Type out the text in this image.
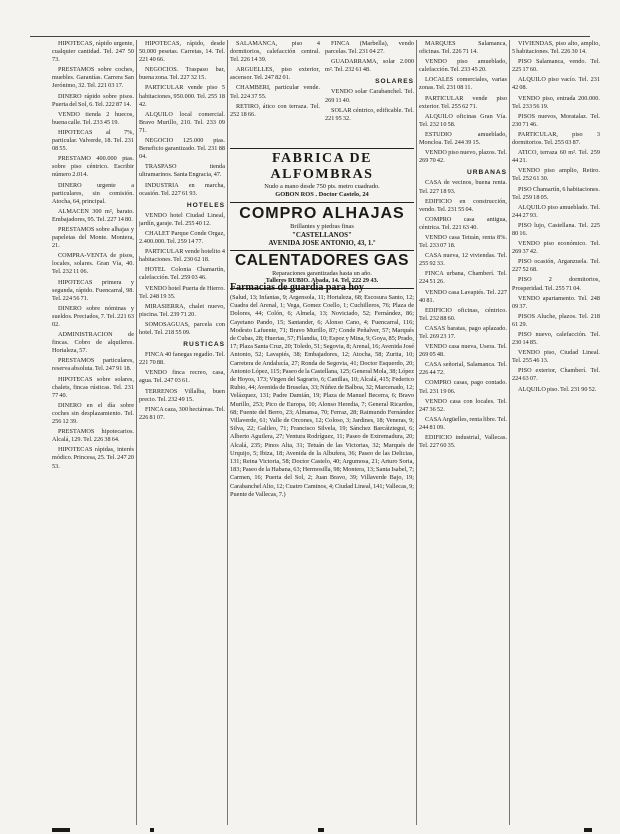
HIPOTECAS, rápido urgente, cualquier cantidad. Tel. 247 50 73.

PRESTAMOS sobre coches, muebles. Garantías. Carrera San Jerónimo, 32. Tel. 221 03 17.

DINERO rápido sobre pisos. Puerta del Sol, 6. Tel. 222 87 14.

VENDO tienda 2 huecos, buena calle. Tel. 233 45 19.

HIPOTECAS al 7%, particular. Valverde, 18. Tel. 231 08 55.

PRESTAMO 400.000 ptas. sobre piso céntrico. Escribir número 2.014.

DINERO urgente a particulares, sin comisión. Atocha, 64, principal.

ALMACEN 300 m², barato. Embajadores, 95. Tel. 227 14 80.

PRESTAMOS sobre alhajas y papeletas del Monte. Montera, 21.

COMPRA-VENTA de pisos, locales, solares. Gran Vía, 40. Tel. 232 11 06.

HIPOTECAS primera y segunda, rápido. Fuencarral, 98. Tel. 224 56 71.

DINERO sobre nóminas y sueldos. Preciados, 7. Tel. 221 63 02.

ADMINISTRACION de fincas. Cobro de alquileres. Hortaleza, 57.

PRESTAMOS particulares, reserva absoluta. Tel. 247 91 18.

HIPOTECAS sobre solares, chalets, fincas rústicas. Tel. 231 77 40.

DINERO en el día sobre coches sin desplazamiento. Tel. 256 12 39.

PRESTAMOS hipotecarios. Alcalá, 129. Tel. 226 38 64.

HIPOTECAS rápidas, interés módico. Princesa, 25. Tel. 247 20 53.

HIPOTECAS, rápido, desde 50.000 pesetas. Carretas, 14. Tel. 221 40 66.

NEGOCIOS. Traspaso bar, buena zona. Tel. 227 32 15.

PARTICULAR vende piso 5 habitaciones, 950.000. Tel. 255 18 42.

ALQUILO local comercial. Bravo Murillo, 210. Tel. 233 09 71.

NEGOCIO 125.000 ptas. Beneficio garantizado. Tel. 231 88 04.

TRASPASO tienda ultramarinos. Santa Engracia, 47.

INDUSTRIA en marcha, ocasión. Tel. 227 61 93.

HOTELES

VENDO hotel Ciudad Lineal, jardín, garaje. Tel. 255 40 12.

CHALET Parque Conde Orgaz, 2.400.000. Tel. 259 14 77.

PARTICULAR vende hotelito 4 habitaciones. Tel. 230 62 18.

HOTEL Colonia Chamartín, calefacción. Tel. 259 03 46.

VENDO hotel Puerta de Hierro. Tel. 248 19 35.

MIRASIERRA, chalet nuevo, piscina. Tel. 239 71 20.

SOMOSAGUAS, parcela con hotel. Tel. 218 55 09.

RUSTICAS

FINCA 40 fanegas regadío. Tel. 221 70 88.

VENDO finca recreo, casa, agua. Tel. 247 03 61.

TERRENOS Villalba, buen precio. Tel. 232 49 15.

FINCA caza, 300 hectáreas. Tel. 226 81 07.

SALAMANCA, piso 4 dormitorios, calefacción central. Tel. 226 14 39.

ARGUELLES, piso exterior, ascensor. Tel. 247 82 01.

CHAMBERI, particular vende. Tel. 224 37 55.

RETIRO, ático con terraza. Tel. 252 18 66.

FINCA (Marbella), vendo parcelas. Tel. 231 04 27.

GUADARRAMA, solar 2.000 m². Tel. 232 61 48.

SOLARES

VENDO solar Carabanchel. Tel. 269 11 40.

SOLAR céntrico, edificable. Tel. 221 95 32.

MARQUES Salamanca, oficinas. Tel. 226 71 14.

VENDO piso amueblado, calefacción. Tel. 233 45 20.

LOCALES comerciales, varias zonas. Tel. 231 08 11.

PARTICULAR vende piso exterior. Tel. 255 62 71.

ALQUILO oficinas Gran Vía. Tel. 232 10 58.

ESTUDIO amueblado, Moncloa. Tel. 244 39 15.

VENDO piso nuevo, plazos. Tel. 269 70 42.

URBANAS

CASA de vecinos, buena renta. Tel. 227 18 93.

EDIFICIO en construcción, vendo. Tel. 231 55 04.

COMPRO casa antigua, céntrica. Tel. 221 63 40.

VENDO casa Tetuán, renta 8%. Tel. 233 07 18.

CASA nueva, 12 viviendas. Tel. 255 92 33.

FINCA urbana, Chamberí. Tel. 224 51 26.

VENDO casa Lavapiés. Tel. 227 40 81.

EDIFICIO oficinas, céntrico. Tel. 232 88 60.

CASAS baratas, pago aplazado. Tel. 269 23 17.

VENDO casa nueva, Usera. Tel. 269 05 48.

CASA señorial, Salamanca. Tel. 226 44 72.

COMPRO casas, pago contado. Tel. 231 19 06.

VENDO casa con locales. Tel. 247 36 52.

CASA Argüelles, renta libre. Tel. 244 81 09.

EDIFICIO industrial, Vallecas. Tel. 227 60 35.

VIVIENDAS, piso alto, amplio, 5 habitaciones. Tel. 226 30 14.

PISO Salamanca, vendo. Tel. 225 17 60.

ALQUILO piso vacío. Tel. 231 42 08.

VENDO piso, entrada 200.000. Tel. 233 56 19.

PISOS nuevos, Moratalaz. Tel. 230 71 46.

PARTICULAR, piso 3 dormitorios. Tel. 255 03 87.

ATICO, terraza 60 m². Tel. 259 44 21.

VENDO piso amplio, Retiro. Tel. 252 61 30.

PISO Chamartín, 6 habitaciones. Tel. 259 18 05.

ALQUILO piso amueblado. Tel. 244 27 93.

PISO lujo, Castellana. Tel. 225 80 16.

VENDO piso económico. Tel. 269 37 42.

PISO ocasión, Arganzuela. Tel. 227 52 68.

PISO 2 dormitorios, Prosperidad. Tel. 255 71 04.

VENDO apartamento. Tel. 248 09 37.

PISOS Aluche, plazos. Tel. 218 61 29.

PISO nuevo, calefacción. Tel. 230 14 85.

VENDO piso, Ciudad Lineal. Tel. 255 46 13.

PISO exterior, Chamberí. Tel. 224 63 07.

ALQUILO piso. Tel. 231 90 52.

FABRICA DE ALFOMBRAS
Nudo a mano desde 750 pts. metro cuadrado.
GOBON ROS . Doctor Castelo, 24
COMPRO ALHAJAS
Brillantes y piedras finas
"CASTELLANOS"
AVENIDA JOSE ANTONIO, 43, 1.º
CALENTADORES GAS
Reparaciones garantizadas hasta un año.
Talleres RUBIO. Abada, 14. Tel. 222 29 43.
Farmacias de guardia para hoy
(Salud, 13; Infantas, 9; Argensola, 11; Hortaleza, 68; Escosura Santo, 12; Cuadra del Arenal, 1; Vega, Gomez Coello, 1; Cuchilleros, 76; Plaza de Dolores, 44; Colón, 6; Almela, 13; Noviciado, 52; Fernández, 86; Cayetano Pando, 15; Santander, 6; Alonso Cano, 4; Fuencarral, 116; Modesto Lafuente, 71; Bravo Murillo, 87; Conde Peñalver, 57; Marqués de Cubas, 28; Huertas, 57; Filandia, 10; Espoz y Mina, 9; Goya, 85; Prado, 17; Plaza Santa Cruz, 20; Toledo, 51; Segovia, 8; Arenal, 16; Avenida José Antonio, 52; Lavapiés, 38; Embajadores, 12; Atocha, 58; Zurita, 10; Carretera de Andalucía, 27; Ronda de Segovia, 41; Doctor Esquerdo, 20; Antonio López, 115; Paseo de la Castellana, 125; General Mola, 38; López de Hoyos, 173; Virgen del Sagrario, 6; Canillas, 10; Alcalá, 415; Federico Rubio, 44; Avenida de Bruselas, 33; Núñez de Balboa, 32; Marcenado, 12; Velázquez, 131; Padre Damián, 19; Plaza de Manuel Becerra, 6; Bravo Murillo, 253; Pico de Europa, 10; Alonso Heredia, 7; General Ricardos, 68; Fuente del Berro, 23; Almansa, 70; Ferraz, 28; Raimundo Fernández Villaverde, 61; Valle de Orcones, 12; Coloso, 3; Jardines, 18; Veneras, 9; Silva, 22; Galileo, 71; Francisco Silvela, 19; Sánchez Barcáiztegui, 6; Alberto Aguilera, 27; Ventura Rodríguez, 11; Paseo de Extremadura, 20; Alcalá, 235; Pinos Alta, 31; Tetuán de las Victorias, 32; Marqués de Urquijo, 5; Ibiza, 18; Avenida de la Albufera, 36; Paseo de las Delicias, 131; Reina Victoria, 58; Doctor Castelo, 40; Argumosa, 21; Arturo Soria, 183; Paseo de la Habana, 63; Hermosilla, 98; Montera, 13; Santa Isabel, 7; Carmen, 16; Puerta del Sol, 2; Juan Bravo, 39; Villaverde Bajo, 19; Carabanchel Alto, 12; Cuatro Caminos, 4; Ciudad Lineal, 141; Vallecas, 9; Puente de Vallecas, 7.)
